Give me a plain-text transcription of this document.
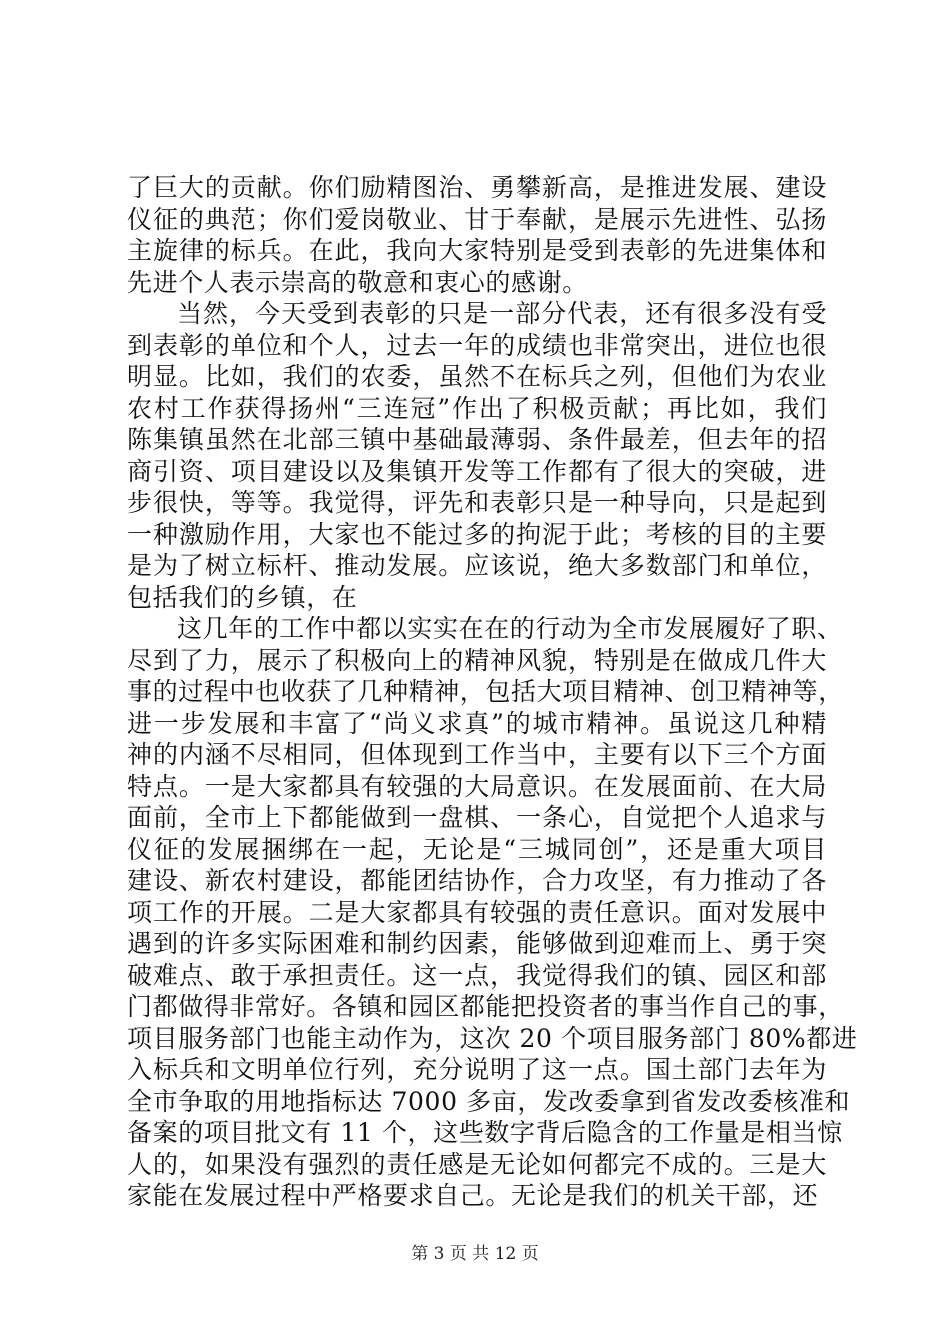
了巨大的贡献。你们励精图治、勇攀新高，是推进发展、建设
仪征的典范；你们爱岗敬业、甘于奉献，是展示先进性、弘扬
主旋律的标兵。在此，我向大家特别是受到表彰的先进集体和
先进个人表示崇高的敬意和衷心的感谢。
当然，今天受到表彰的只是一部分代表，还有很多没有受
到表彰的单位和个人，过去一年的成绩也非常突出，进位也很
明显。比如，我们的农委，虽然不在标兵之列，但他们为农业
农村工作获得扬州“三连冠”作出了积极贡献；再比如，我们
陈集镇虽然在北部三镇中基础最薄弱、条件最差，但去年的招
商引资、项目建设以及集镇开发等工作都有了很大的突破，进
步很快，等等。我觉得，评先和表彰只是一种导向，只是起到
一种激励作用，大家也不能过多的拘泥于此；考核的目的主要
是为了树立标杆、推动发展。应该说，绝大多数部门和单位，
包括我们的乡镇，在
这几年的工作中都以实实在在的行动为全市发展履好了职、
尽到了力，展示了积极向上的精神风貌，特别是在做成几件大
事的过程中也收获了几种精神，包括大项目精神、创卫精神等，
进一步发展和丰富了“尚义求真”的城市精神。虽说这几种精
神的内涵不尽相同，但体现到工作当中，主要有以下三个方面
特点。一是大家都具有较强的大局意识。在发展面前、在大局
面前，全市上下都能做到一盘棋、一条心，自觉把个人追求与
仪征的发展捆绑在一起，无论是“三城同创”，还是重大项目
建设、新农村建设，都能团结协作，合力攻坚，有力推动了各
项工作的开展。二是大家都具有较强的责任意识。面对发展中
遇到的许多实际困难和制约因素，能够做到迎难而上、勇于突
破难点、敢于承担责任。这一点，我觉得我们的镇、园区和部
门都做得非常好。各镇和园区都能把投资者的事当作自己的事，
项目服务部门也能主动作为，这次 20 个项目服务部门 80%都进
入标兵和文明单位行列，充分说明了这一点。国土部门去年为
全市争取的用地指标达 7000 多亩，发改委拿到省发改委核准和
备案的项目批文有 11 个，这些数字背后隐含的工作量是相当惊
人的，如果没有强烈的责任感是无论如何都完不成的。三是大
家能在发展过程中严格要求自己。无论是我们的机关干部，还
第 3 页 共 12 页
